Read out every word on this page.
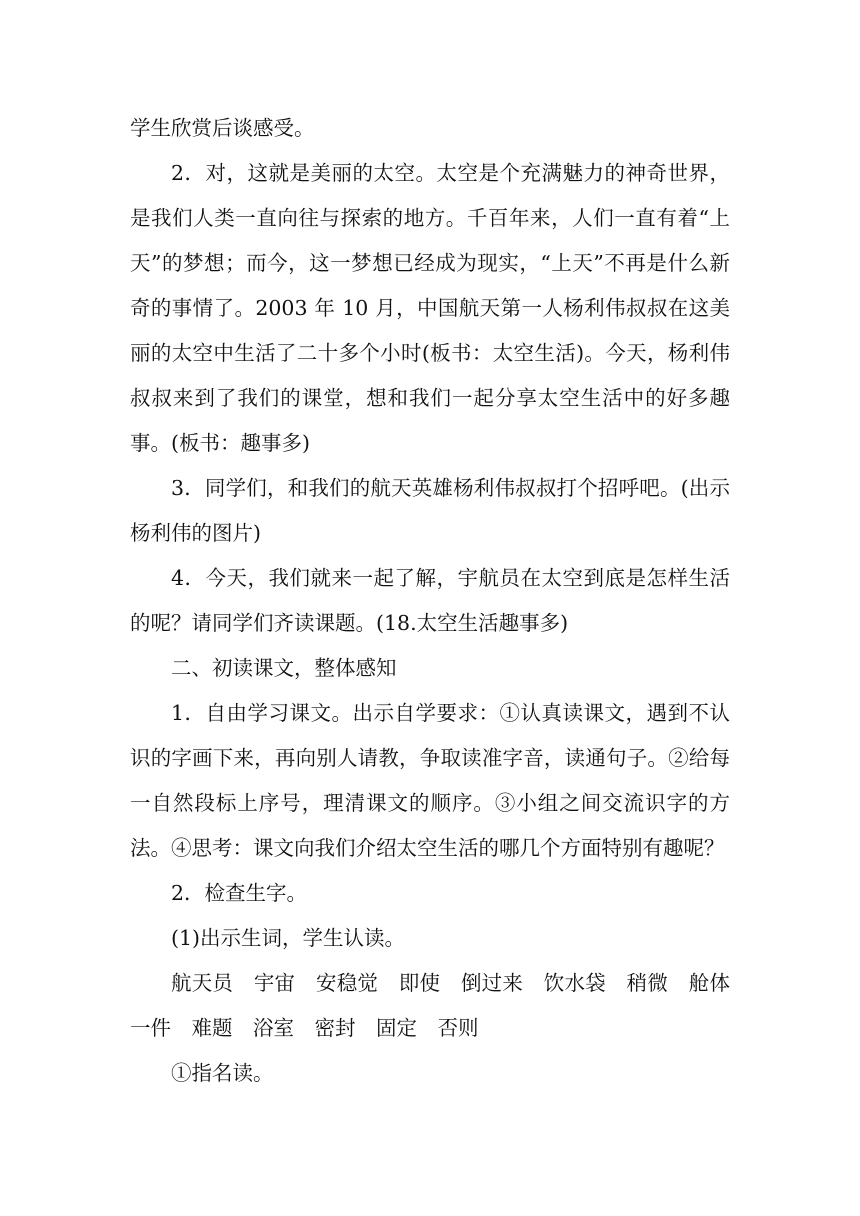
学生欣赏后谈感受。

2．对，这就是美丽的太空。太空是个充满魅力的神奇世界，是我们人类一直向往与探索的地方。千百年来，人们一直有着“上天”的梦想；而今，这一梦想已经成为现实，“上天”不再是什么新奇的事情了。2003 年 10 月，中国航天第一人杨利伟叔叔在这美丽的太空中生活了二十多个小时(板书：太空生活)。今天，杨利伟叔叔来到了我们的课堂，想和我们一起分享太空生活中的好多趣事。(板书：趣事多)

3．同学们，和我们的航天英雄杨利伟叔叔打个招呼吧。(出示杨利伟的图片)

4．今天，我们就来一起了解，宇航员在太空到底是怎样生活的呢？请同学们齐读课题。(18.太空生活趣事多)

二、初读课文，整体感知

1．自由学习课文。出示自学要求：①认真读课文，遇到不认识的字画下来，再向别人请教，争取读准字音，读通句子。②给每一自然段标上序号，理清课文的顺序。③小组之间交流识字的方法。④思考：课文向我们介绍太空生活的哪几个方面特别有趣呢？

2．检查生字。

(1)出示生词，学生认读。

航天员　宇宙　安稳觉　即使　倒过来　饮水袋　稍微　舱体

一件　难题　浴室　密封　固定　否则

①指名读。
